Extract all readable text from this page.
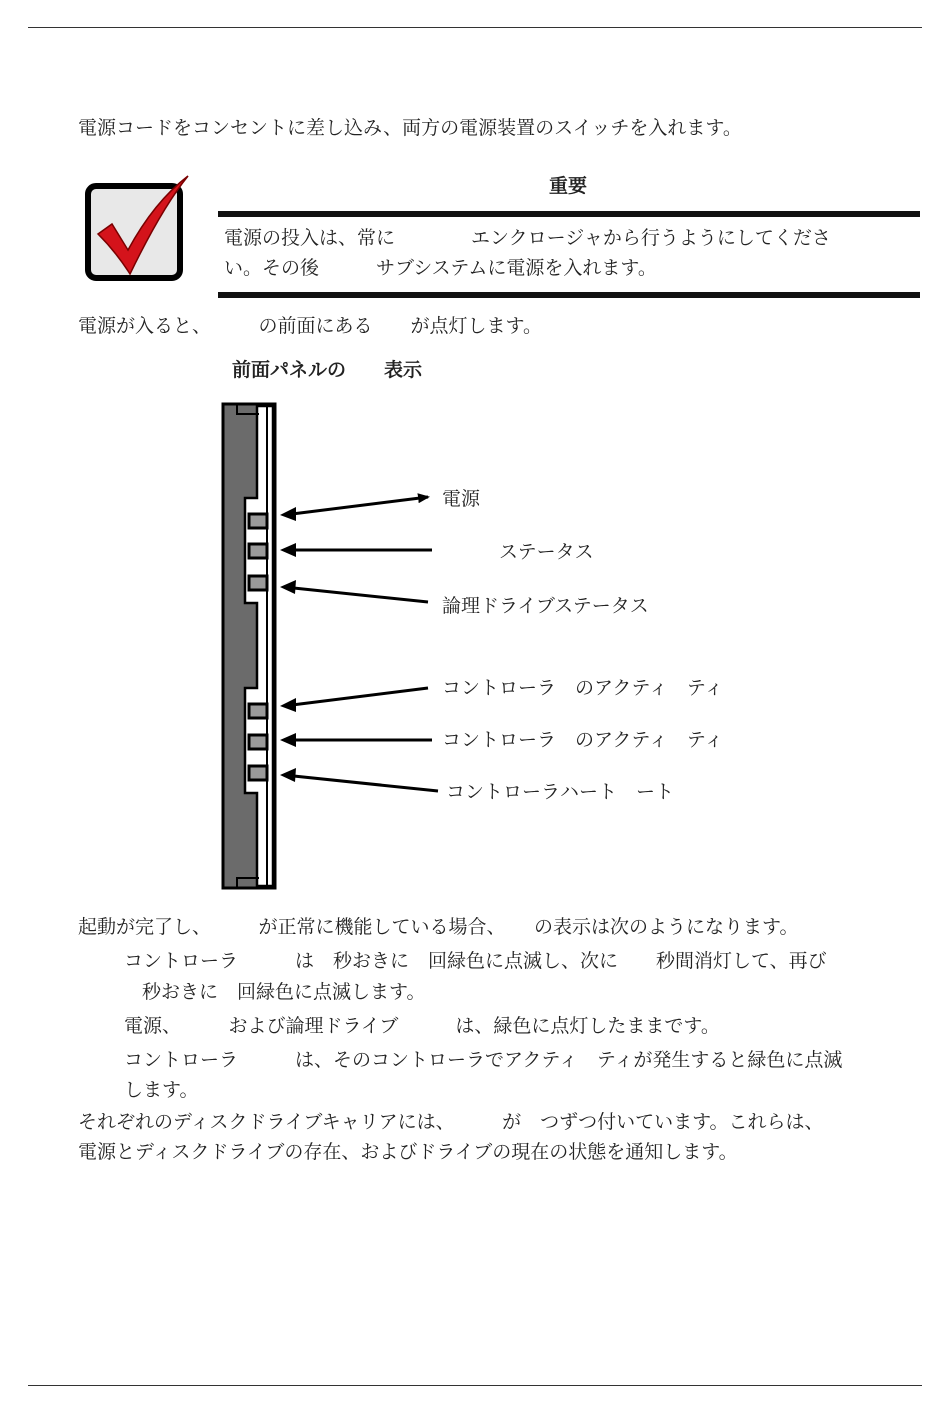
電源コードをコンセントに差し込み、両方の電源装置のスイッチを入れます。
重要
電源の投入は、常に　　　　エンクロージャから行うようにしてくださ
い。その後　　　サブシステムに電源を入れます。
電源が入ると、　　　の前面にある　　が点灯します。
前面パネルの　　表示
電源
　　　ステータス
論理ドライブステータス
コントローラ　のアクティ　ティ
コントローラ　のアクティ　ティ
コントローラハート　ート
起動が完了し、　　　が正常に機能している場合、　　の表示は次のようになります。
コントローラ　　　は　秒おきに　回緑色に点滅し、次に　　秒間消灯して、再び
秒おきに　回緑色に点滅します。
電源、　　　および論理ドライブ　　　は、緑色に点灯したままです。
コントローラ　　　は、そのコントローラでアクティ　ティが発生すると緑色に点滅
します。
それぞれのディスクドライブキャリアには、　　　が　つずつ付いています。これらは、
電源とディスクドライブの存在、およびドライブの現在の状態を通知します。
